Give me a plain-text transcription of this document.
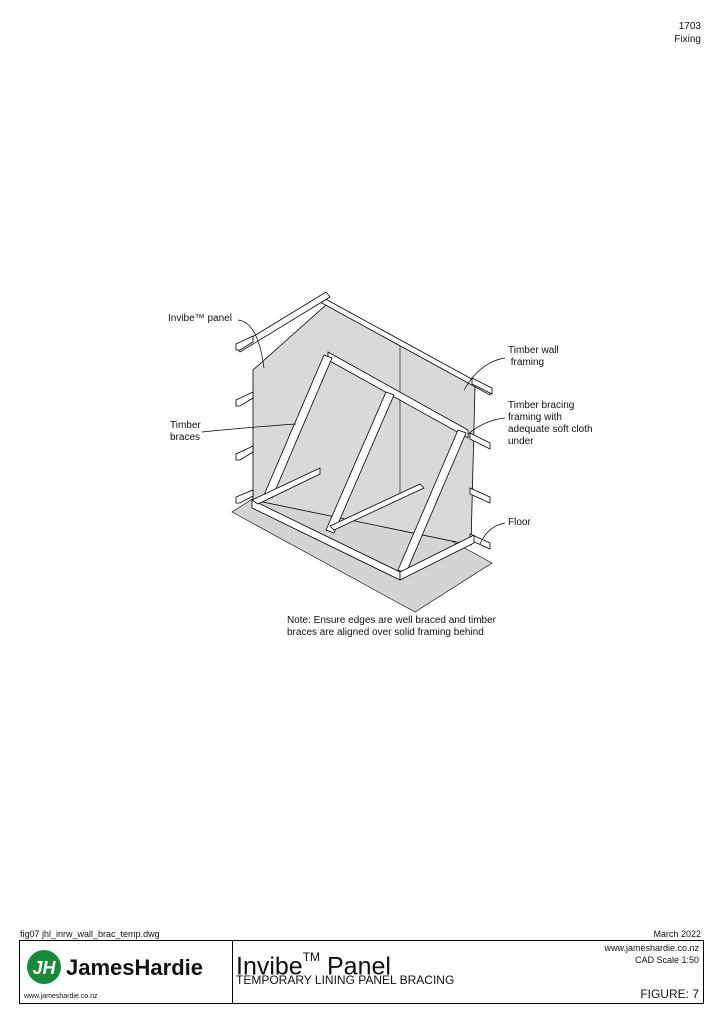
1703
Fixing
Invibe™ panel
Timber wall
framing
Timber
braces
Timber bracing
framing with
adequate soft cloth
under
Floor
Note: Ensure edges are well braced and timber braces are aligned over solid framing behind
fig07 jhl_inrw_wall_brac_temp.dwg	March 2022
JH JamesHardie
www.jameshardie.co.nz
Invibe™ Panel
TEMPORARY LINING PANEL BRACING
www.jameshardie.co.nz
CAD Scale 1:50
FIGURE: 7
